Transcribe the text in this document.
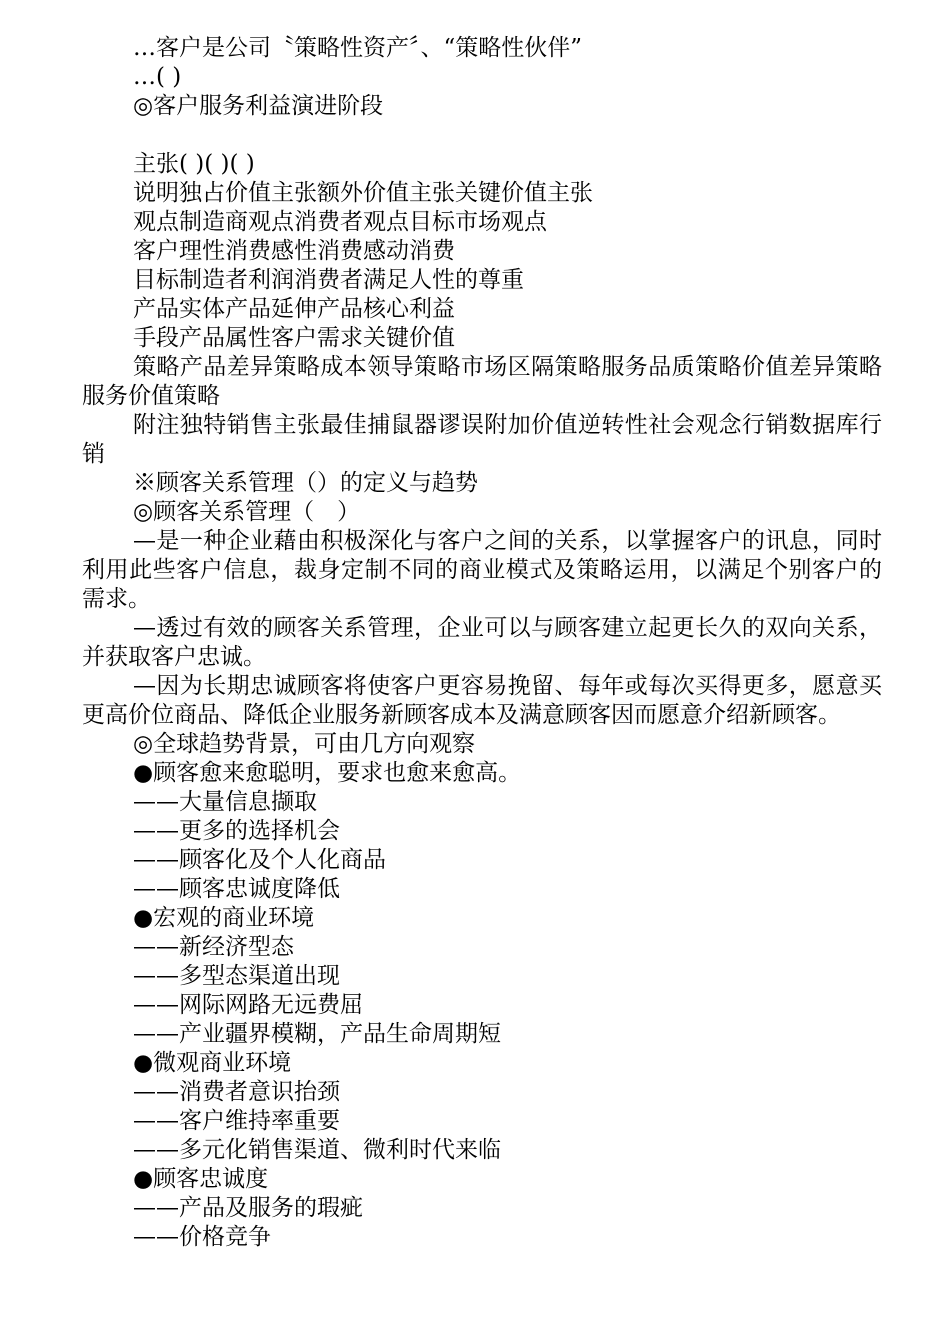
…客户是公司〝策略性资产〞、“策略性伙伴”
…( )
◎客户服务利益演进阶段
主张( )( )( )
说明独占价值主张额外价值主张关键价值主张
观点制造商观点消费者观点目标市场观点
客户理性消费感性消费感动消费
目标制造者利润消费者满足人性的尊重
产品实体产品延伸产品核心利益
手段产品属性客户需求关键价值
策略产品差异策略成本领导策略市场区隔策略服务品质策略价值差异策略服务价值策略
附注独特销售主张最佳捕鼠器谬误附加价值逆转性社会观念行销数据库行销
※顾客关系管理（）的定义与趋势
◎顾客关系管理（　）
—是一种企业藉由积极深化与客户之间的关系，以掌握客户的讯息，同时利用此些客户信息，裁身定制不同的商业模式及策略运用，以满足个别客户的需求。
—透过有效的顾客关系管理，企业可以与顾客建立起更长久的双向关系，并获取客户忠诚。
—因为长期忠诚顾客将使客户更容易挽留、每年或每次买得更多，愿意买更高价位商品、降低企业服务新顾客成本及满意顾客因而愿意介绍新顾客。
◎全球趋势背景，可由几方向观察
●顾客愈来愈聪明，要求也愈来愈高。
——大量信息撷取
——更多的选择机会
——顾客化及个人化商品
——顾客忠诚度降低
●宏观的商业环境
——新经济型态
——多型态渠道出现
——网际网路无远费屈
——产业疆界模糊，产品生命周期短
●微观商业环境
——消费者意识抬颈
——客户维持率重要
——多元化销售渠道、微利时代来临
●顾客忠诚度
——产品及服务的瑕疵
——价格竞争
